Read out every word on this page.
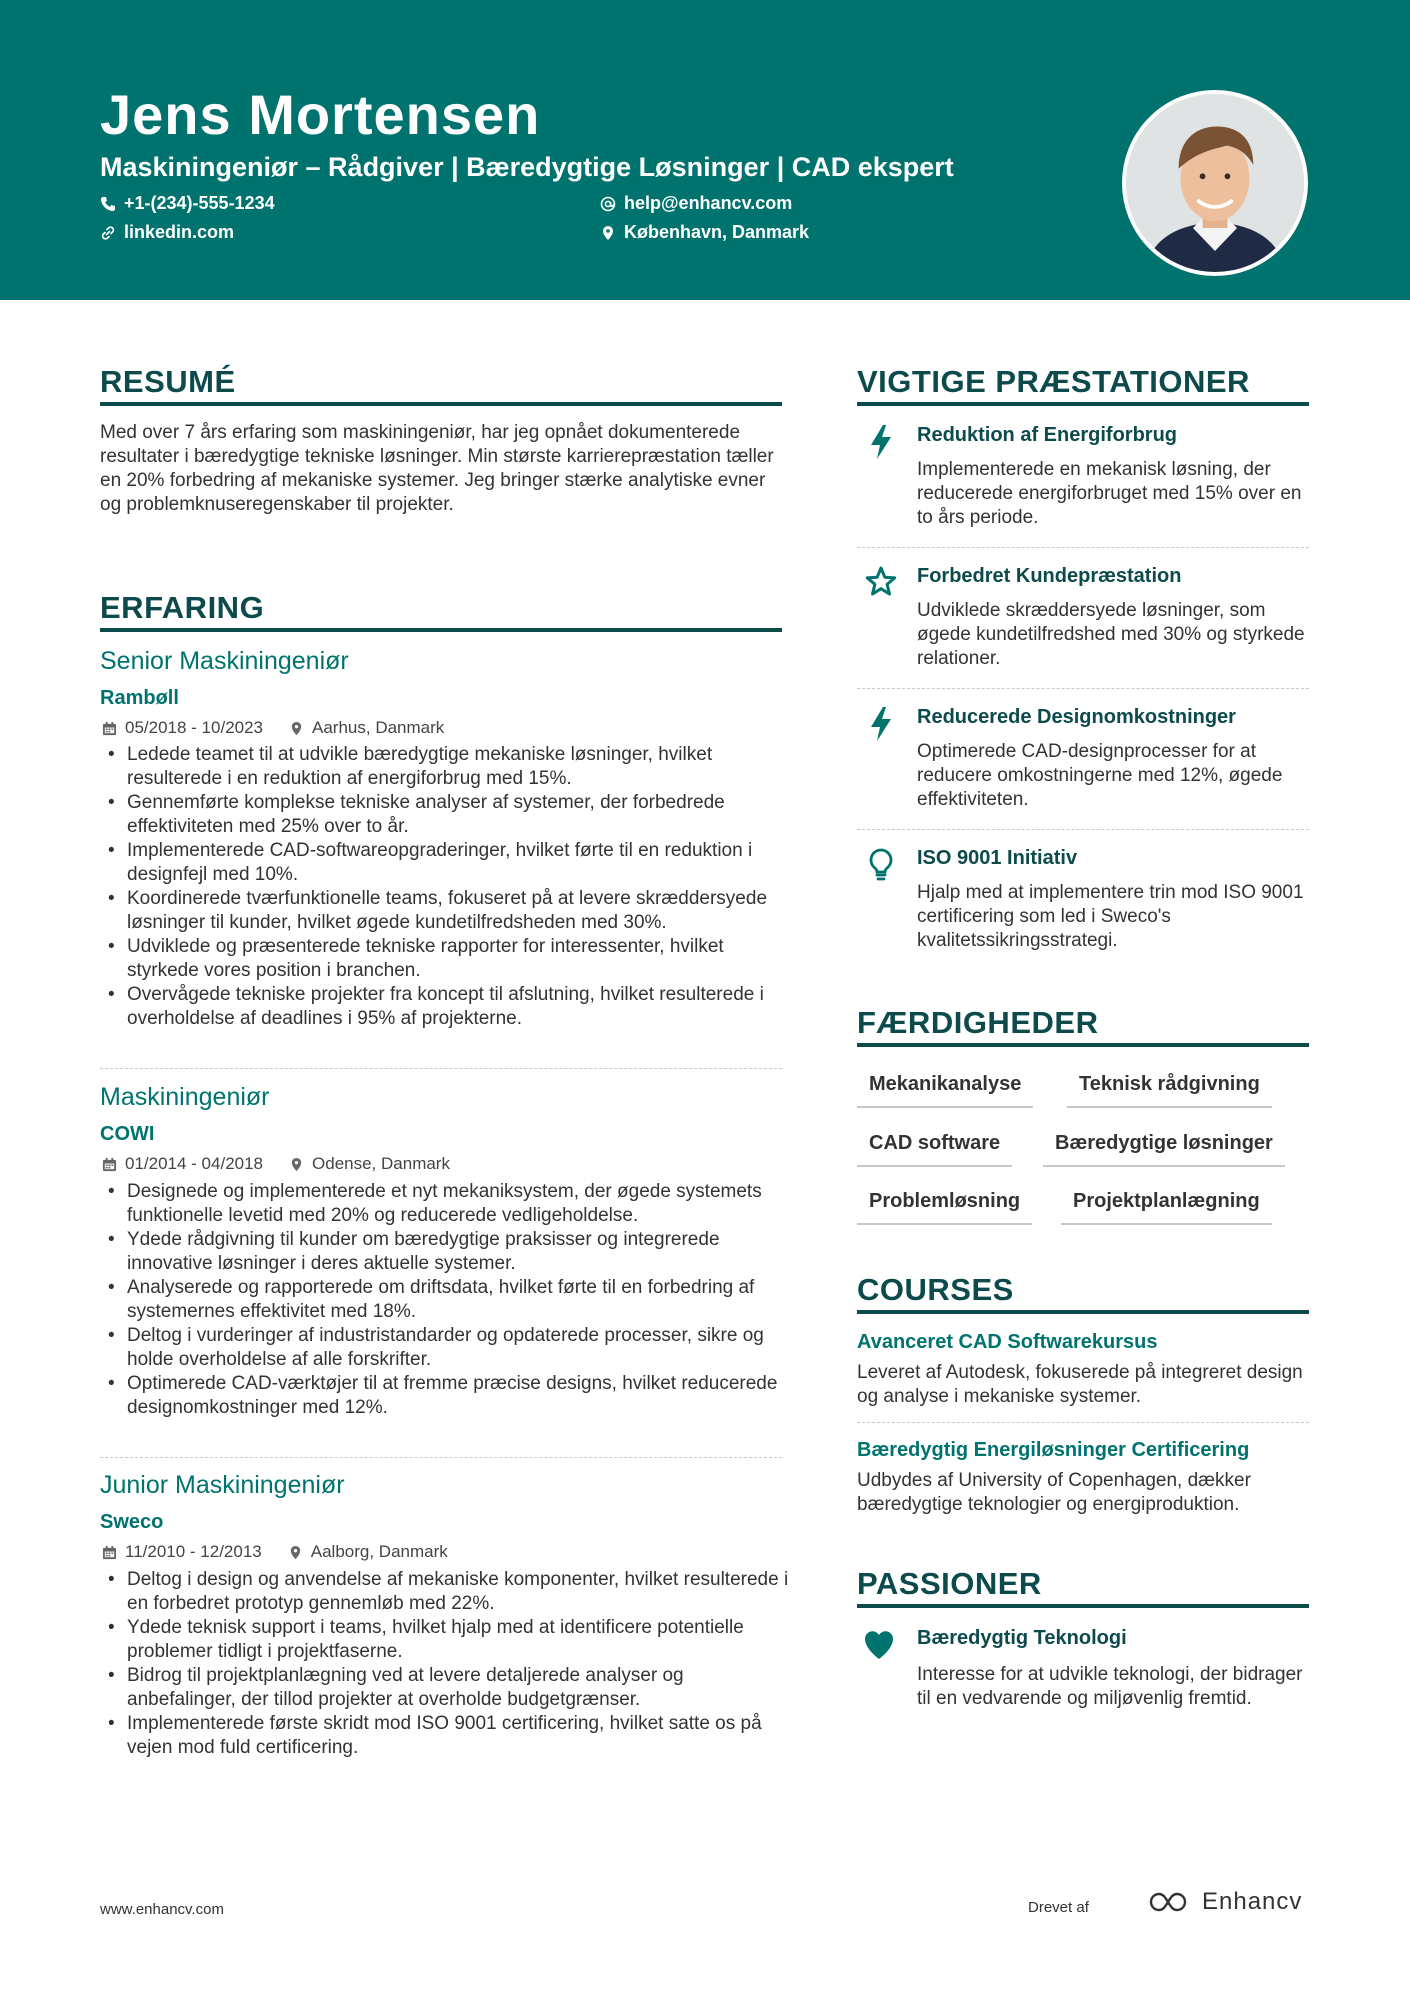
Jens Mortensen
Maskiningeniør – Rådgiver | Bæredygtige Løsninger | CAD ekspert
+1-(234)-555-1234	help@enhancv.com
linkedin.com	København, Danmark
RESUMÉ
Med over 7 års erfaring som maskiningeniør, har jeg opnået dokumenterede resultater i bæredygtige tekniske løsninger. Min største karrierepræstation tæller en 20% forbedring af mekaniske systemer. Jeg bringer stærke analytiske evner og problemknuseregenskaber til projekter.
ERFARING
Senior Maskiningeniør
Rambøll
05/2018 - 10/2023	Aarhus, Danmark
• Ledede teamet til at udvikle bæredygtige mekaniske løsninger, hvilket resulterede i en reduktion af energiforbrug med 15%.
• Gennemførte komplekse tekniske analyser af systemer, der forbedrede effektiviteten med 25% over to år.
• Implementerede CAD-softwareopgraderinger, hvilket førte til en reduktion i designfejl med 10%.
• Koordinerede tværfunktionelle teams, fokuseret på at levere skræddersyede løsninger til kunder, hvilket øgede kundetilfredsheden med 30%.
• Udviklede og præsenterede tekniske rapporter for interessenter, hvilket styrkede vores position i branchen.
• Overvågede tekniske projekter fra koncept til afslutning, hvilket resulterede i overholdelse af deadlines i 95% af projekterne.
Maskiningeniør
COWI
01/2014 - 04/2018	Odense, Danmark
• Designede og implementerede et nyt mekaniksystem, der øgede systemets funktionelle levetid med 20% og reducerede vedligeholdelse.
• Ydede rådgivning til kunder om bæredygtige praksisser og integrerede innovative løsninger i deres aktuelle systemer.
• Analyserede og rapporterede om driftsdata, hvilket førte til en forbedring af systemernes effektivitet med 18%.
• Deltog i vurderinger af industristandarder og opdaterede processer, sikre og holde overholdelse af alle forskrifter.
• Optimerede CAD-værktøjer til at fremme præcise designs, hvilket reducerede designomkostninger med 12%.
Junior Maskiningeniør
Sweco
11/2010 - 12/2013	Aalborg, Danmark
• Deltog i design og anvendelse af mekaniske komponenter, hvilket resulterede i en forbedret prototyp gennemløb med 22%.
• Ydede teknisk support i teams, hvilket hjalp med at identificere potentielle problemer tidligt i projektfaserne.
• Bidrog til projektplanlægning ved at levere detaljerede analyser og anbefalinger, der tillod projekter at overholde budgetgrænser.
• Implementerede første skridt mod ISO 9001 certificering, hvilket satte os på vejen mod fuld certificering.
VIGTIGE PRÆSTATIONER
Reduktion af Energiforbrug
Implementerede en mekanisk løsning, der reducerede energiforbruget med 15% over en to års periode.
Forbedret Kundepræstation
Udviklede skræddersyede løsninger, som øgede kundetilfredshed med 30% og styrkede relationer.
Reducerede Designomkostninger
Optimerede CAD-designprocesser for at reducere omkostningerne med 12%, øgede effektiviteten.
ISO 9001 Initiativ
Hjalp med at implementere trin mod ISO 9001 certificering som led i Sweco's kvalitetssikringsstrategi.
FÆRDIGHEDER
Mekanikanalyse	Teknisk rådgivning
CAD software	Bæredygtige løsninger
Problemløsning	Projektplanlægning
COURSES
Avanceret CAD Softwarekursus
Leveret af Autodesk, fokuserede på integreret design og analyse i mekaniske systemer.
Bæredygtig Energiløsninger Certificering
Udbydes af University of Copenhagen, dækker bæredygtige teknologier og energiproduktion.
PASSIONER
Bæredygtig Teknologi
Interesse for at udvikle teknologi, der bidrager til en vedvarende og miljøvenlig fremtid.
www.enhancv.com	Drevet af	Enhancv
